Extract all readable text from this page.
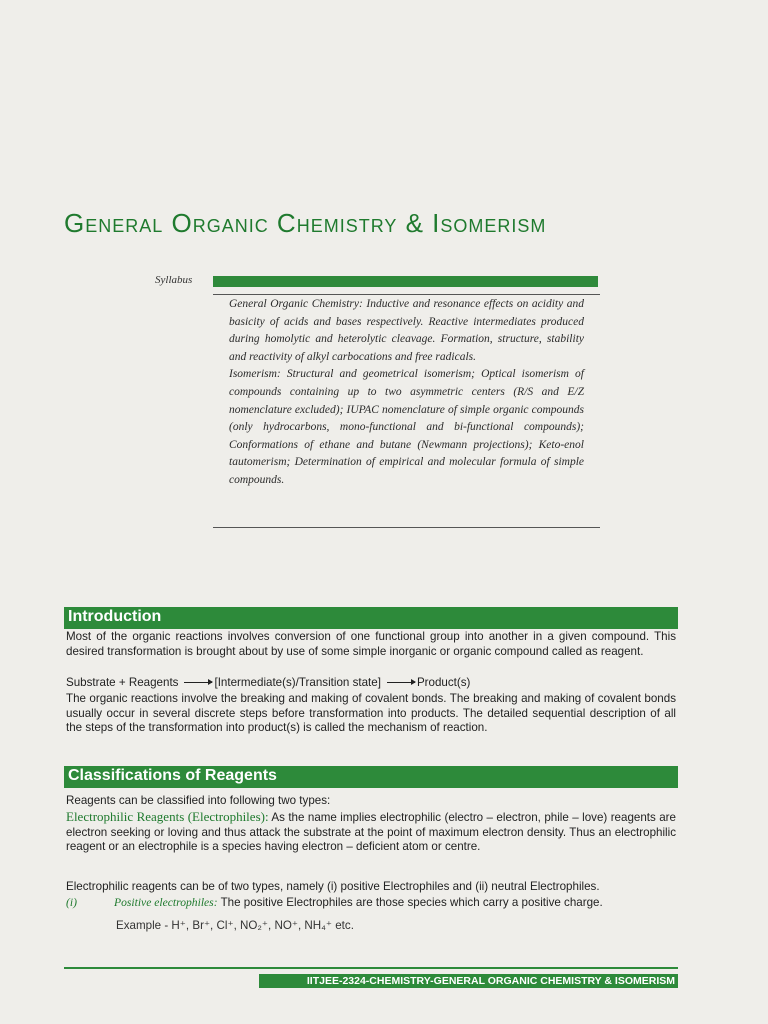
General Organic Chemistry & Isomerism
Syllabus

General Organic Chemistry: Inductive and resonance effects on acidity and basicity of acids and bases respectively. Reactive intermediates produced during homolytic and heterolytic cleavage. Formation, structure, stability and reactivity of alkyl carbocations and free radicals.

Isomerism: Structural and geometrical isomerism; Optical isomerism of compounds containing up to two asymmetric centers (R/S and E/Z nomenclature excluded); IUPAC nomenclature of simple organic compounds (only hydrocarbons, mono-functional and bi-functional compounds); Conformations of ethane and butane (Newmann projections); Keto-enol tautomerism; Determination of empirical and molecular formula of simple compounds.

Introduction

Most of the organic reactions involves conversion of one functional group into another in a given compound. This desired transformation is brought about by use of some simple inorganic or organic compound called as reagent.

Substrate + Reagents	[Intermediate(s)/Transition state]	Product(s)

The organic reactions involve the breaking and making of covalent bonds. The breaking and making of covalent bonds usually occur in several discrete steps before transformation into products. The detailed sequential description of all the steps of the transformation into product(s) is called the mechanism of reaction.

Classifications of Reagents

Reagents can be classified into following two types:

Electrophilic Reagents (Electrophiles): As the name implies electrophilic (electro – electron, phile – love) reagents are electron seeking or loving and thus attack the substrate at the point of maximum electron density. Thus an electrophilic reagent or an electrophile is a species having electron – deficient atom or centre.

Electrophilic reagents can be of two types, namely (i) positive Electrophiles and (ii) neutral Electrophiles.

(i)	Positive electrophiles: The positive Electrophiles are those species which carry a positive charge.
Example - H⁺, Br⁺, Cl⁺, NO₂⁺, NO⁺, NH₄⁺ etc.
IITJEE-2324-CHEMISTRY-GENERAL ORGANIC CHEMISTRY & ISOMERISM
